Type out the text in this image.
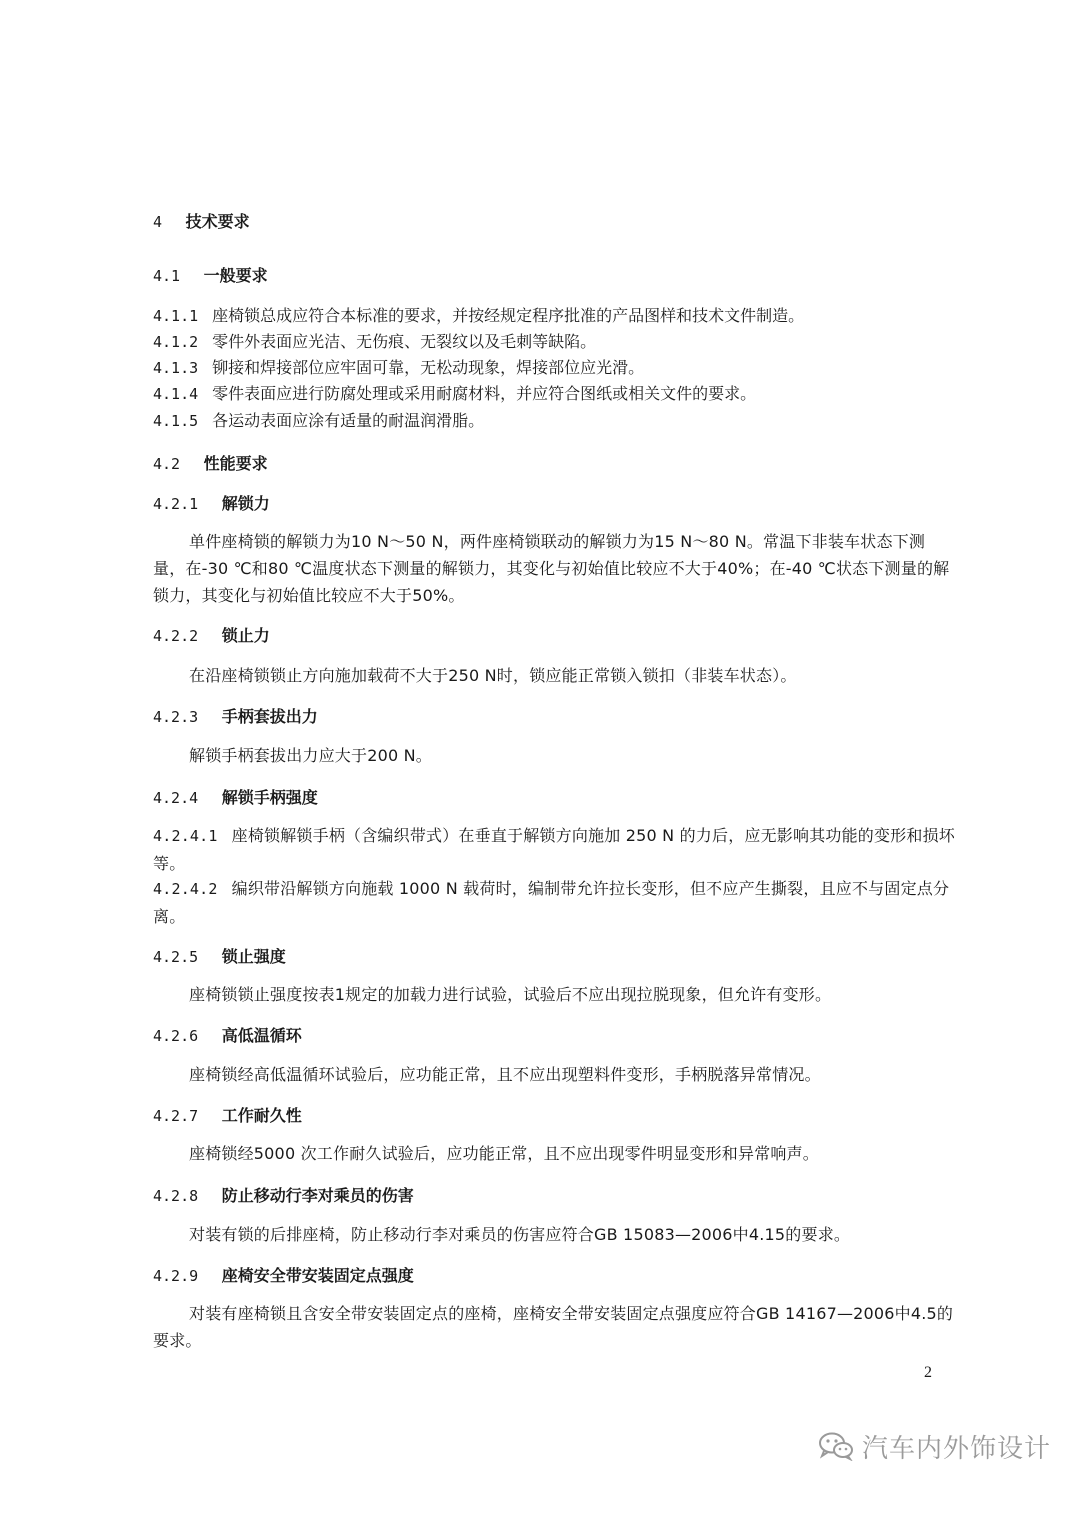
4 技术要求
4.1 一般要求
4.1.1 座椅锁总成应符合本标准的要求，并按经规定程序批准的产品图样和技术文件制造。
4.1.2 零件外表面应光洁、无伤痕、无裂纹以及毛刺等缺陷。
4.1.3 铆接和焊接部位应牢固可靠，无松动现象，焊接部位应光滑。
4.1.4 零件表面应进行防腐处理或采用耐腐材料，并应符合图纸或相关文件的要求。
4.1.5 各运动表面应涂有适量的耐温润滑脂。
4.2 性能要求
4.2.1 解锁力
单件座椅锁的解锁力为10 N～50 N，两件座椅锁联动的解锁力为15 N～80 N。常温下非装车状态下测量，在-30 ℃和80 ℃温度状态下测量的解锁力，其变化与初始值比较应不大于40%；在-40 ℃状态下测量的解锁力，其变化与初始值比较应不大于50%。
4.2.2 锁止力
在沿座椅锁锁止方向施加载荷不大于250 N时，锁应能正常锁入锁扣（非装车状态）。
4.2.3 手柄套拔出力
解锁手柄套拔出力应大于200 N。
4.2.4 解锁手柄强度
4.2.4.1 座椅锁解锁手柄（含编织带式）在垂直于解锁方向施加 250 N 的力后，应无影响其功能的变形和损坏等。
4.2.4.2 编织带沿解锁方向施载 1000 N 载荷时，编制带允许拉长变形，但不应产生撕裂，且应不与固定点分离。
4.2.5 锁止强度
座椅锁锁止强度按表1规定的加载力进行试验，试验后不应出现拉脱现象，但允许有变形。
4.2.6 高低温循环
座椅锁经高低温循环试验后，应功能正常，且不应出现塑料件变形，手柄脱落异常情况。
4.2.7 工作耐久性
座椅锁经5000 次工作耐久试验后，应功能正常，且不应出现零件明显变形和异常响声。
4.2.8 防止移动行李对乘员的伤害
对装有锁的后排座椅，防止移动行李对乘员的伤害应符合GB 15083—2006中4.15的要求。
4.2.9 座椅安全带安装固定点强度
对装有座椅锁且含安全带安装固定点的座椅，座椅安全带安装固定点强度应符合GB 14167—2006中4.5的要求。
2
汽车内外饰设计
